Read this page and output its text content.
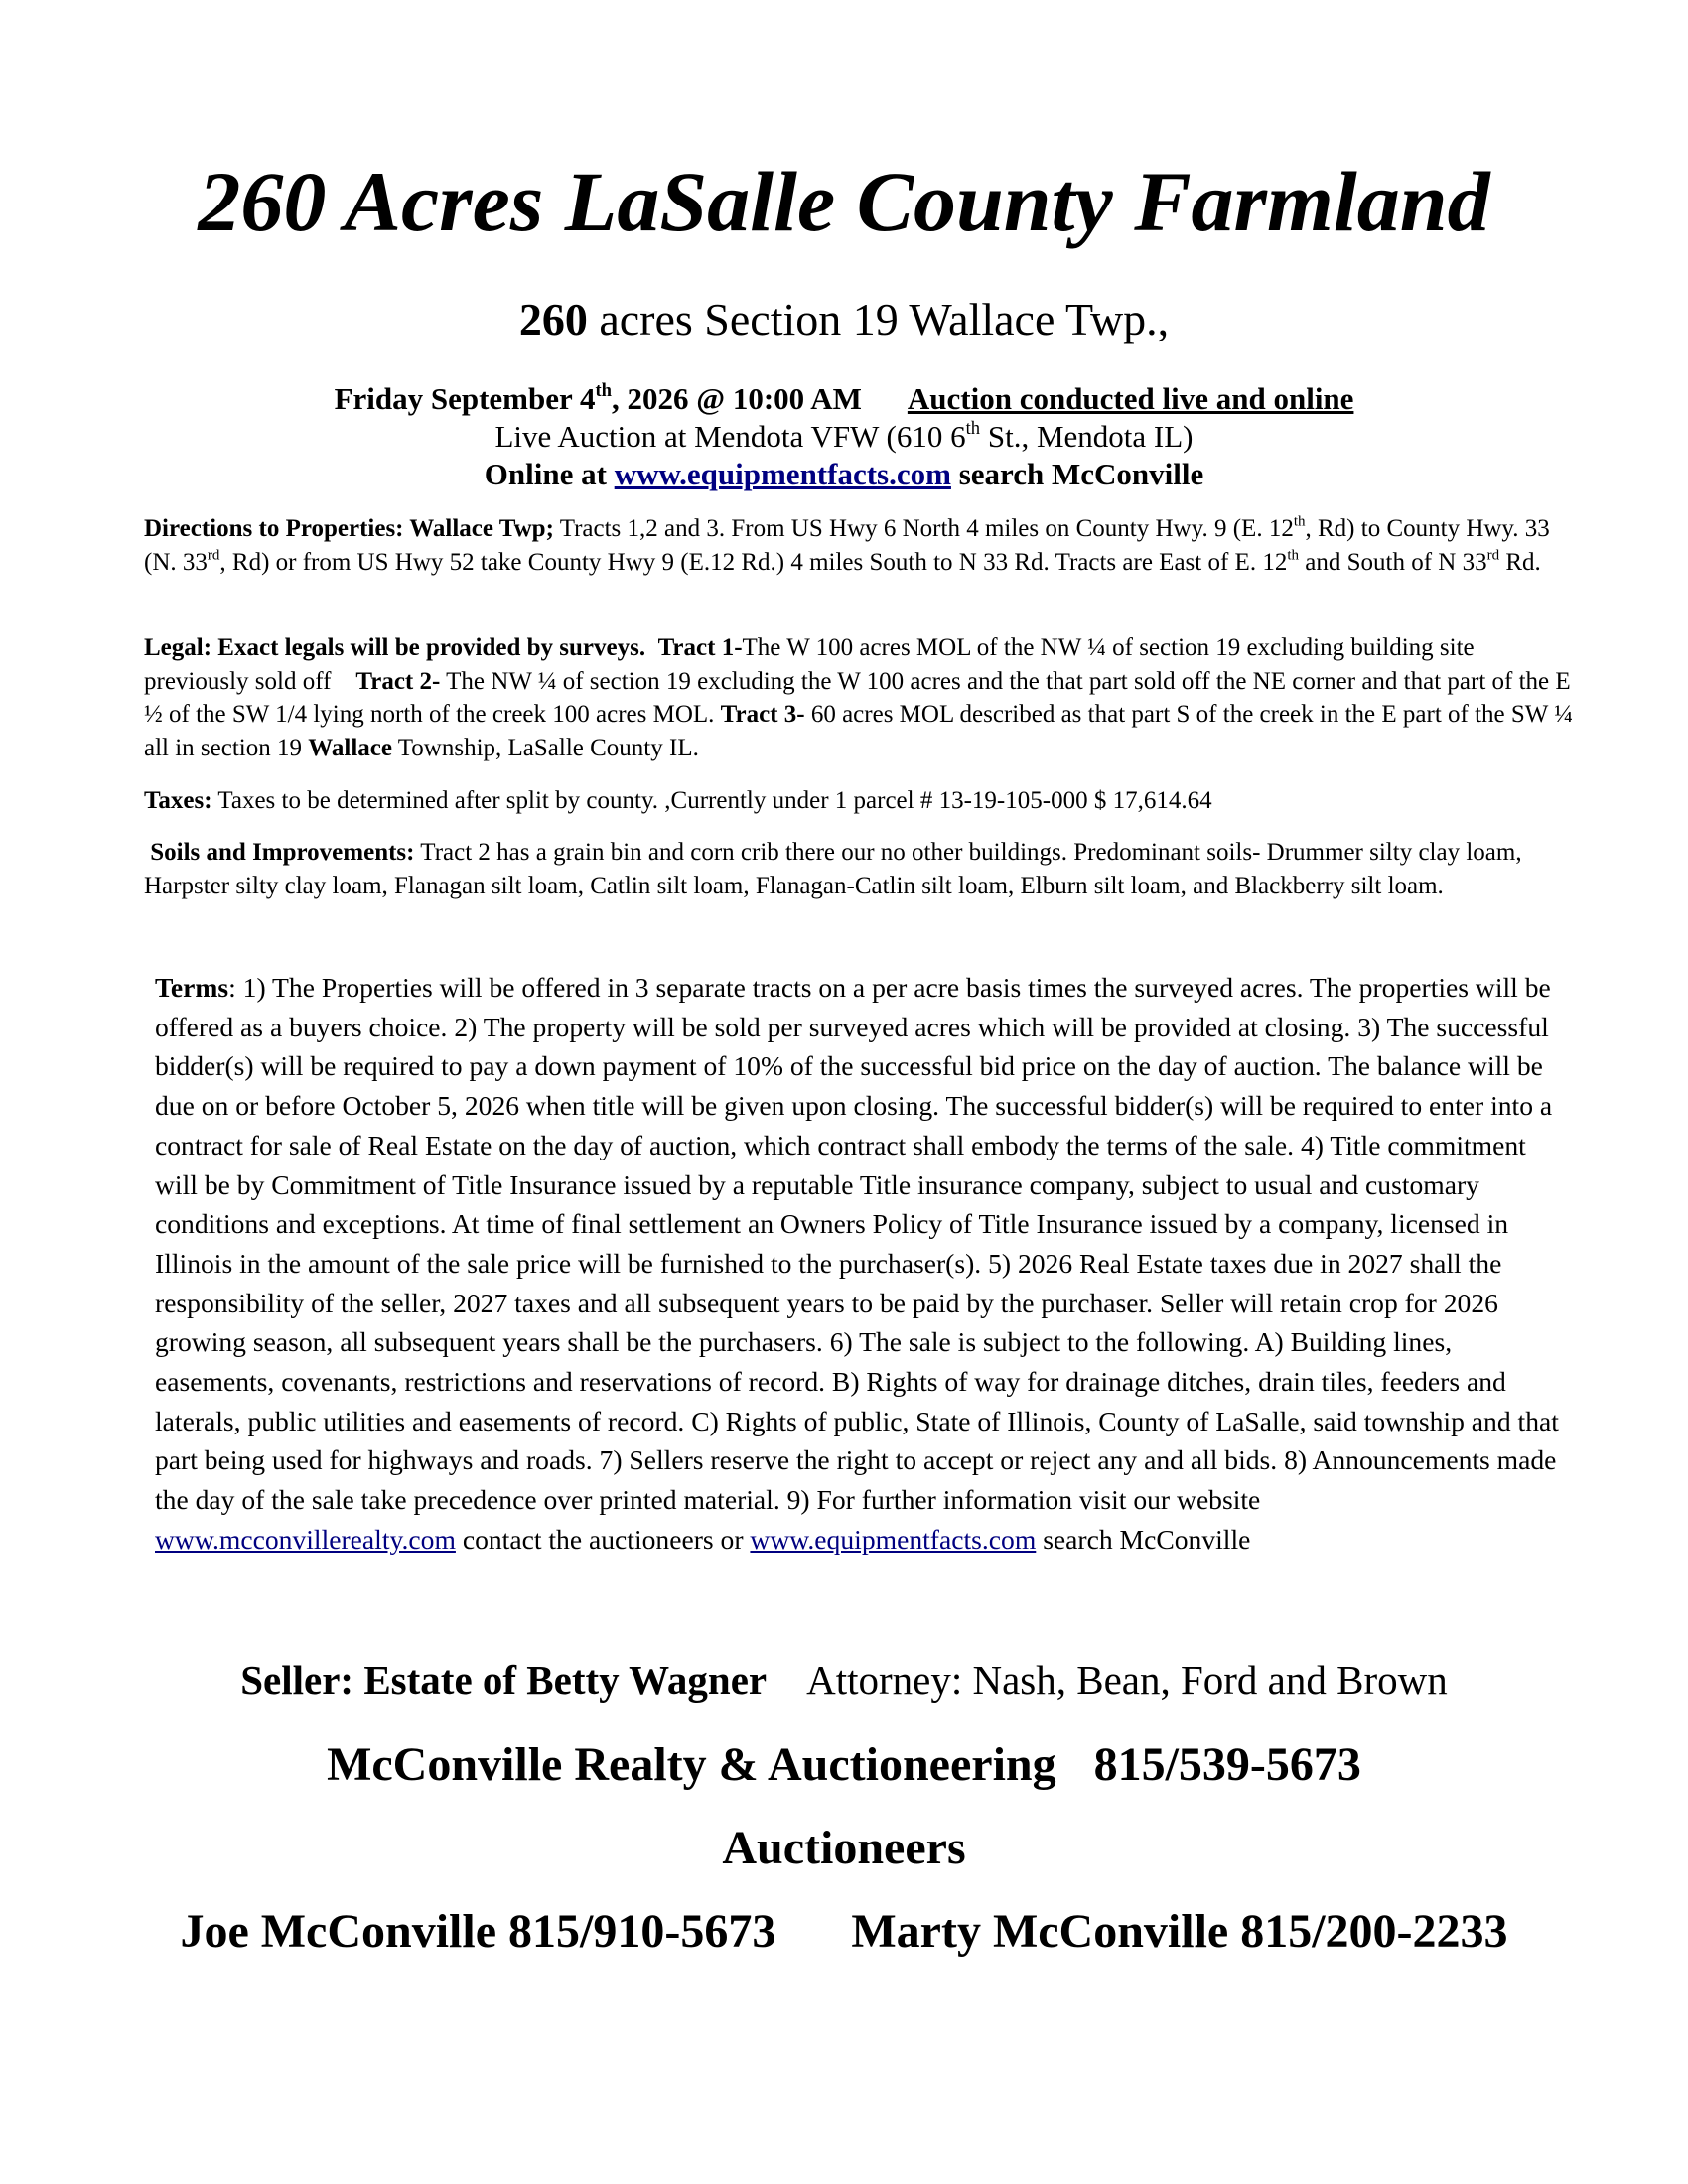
260 Acres LaSalle County Farmland
260 acres Section 19 Wallace Twp.,
Friday September 4th, 2026 @ 10:00 AM Auction conducted live and online
Live Auction at Mendota VFW (610 6th St., Mendota IL)
Online at www.equipmentfacts.com search McConville
Directions to Properties: Wallace Twp; Tracts 1,2 and 3. From US Hwy 6 North 4 miles on County Hwy. 9 (E. 12th, Rd) to County Hwy. 33 (N. 33rd, Rd) or from US Hwy 52 take County Hwy 9 (E.12 Rd.) 4 miles South to N 33 Rd. Tracts are East of E. 12th and South of N 33rd Rd.
Legal: Exact legals will be provided by surveys. Tract 1-The W 100 acres MOL of the NW ¼ of section 19 excluding building site previously sold off Tract 2- The NW ¼ of section 19 excluding the W 100 acres and the that part sold off the NE corner and that part of the E ½ of the SW 1/4 lying north of the creek 100 acres MOL. Tract 3- 60 acres MOL described as that part S of the creek in the E part of the SW ¼ all in section 19 Wallace Township, LaSalle County IL.
Taxes: Taxes to be determined after split by county. ,Currently under 1 parcel # 13-19-105-000 $ 17,614.64
Soils and Improvements: Tract 2 has a grain bin and corn crib there our no other buildings. Predominant soils- Drummer silty clay loam, Harpster silty clay loam, Flanagan silt loam, Catlin silt loam, Flanagan-Catlin silt loam, Elburn silt loam, and Blackberry silt loam.
Terms: 1) The Properties will be offered in 3 separate tracts on a per acre basis times the surveyed acres. The properties will be offered as a buyers choice. 2) The property will be sold per surveyed acres which will be provided at closing. 3) The successful bidder(s) will be required to pay a down payment of 10% of the successful bid price on the day of auction. The balance will be due on or before October 5, 2026 when title will be given upon closing. The successful bidder(s) will be required to enter into a contract for sale of Real Estate on the day of auction, which contract shall embody the terms of the sale. 4) Title commitment will be by Commitment of Title Insurance issued by a reputable Title insurance company, subject to usual and customary conditions and exceptions. At time of final settlement an Owners Policy of Title Insurance issued by a company, licensed in Illinois in the amount of the sale price will be furnished to the purchaser(s). 5) 2026 Real Estate taxes due in 2027 shall the responsibility of the seller, 2027 taxes and all subsequent years to be paid by the purchaser. Seller will retain crop for 2026 growing season, all subsequent years shall be the purchasers. 6) The sale is subject to the following. A) Building lines, easements, covenants, restrictions and reservations of record. B) Rights of way for drainage ditches, drain tiles, feeders and laterals, public utilities and easements of record. C) Rights of public, State of Illinois, County of LaSalle, said township and that part being used for highways and roads. 7) Sellers reserve the right to accept or reject any and all bids. 8) Announcements made the day of the sale take precedence over printed material. 9) For further information visit our website www.mcconvillerealty.com contact the auctioneers or www.equipmentfacts.com search McConville
Seller: Estate of Betty Wagner Attorney: Nash, Bean, Ford and Brown
McConville Realty & Auctioneering 815/539-5673
Auctioneers
Joe McConville 815/910-5673 Marty McConville 815/200-2233
